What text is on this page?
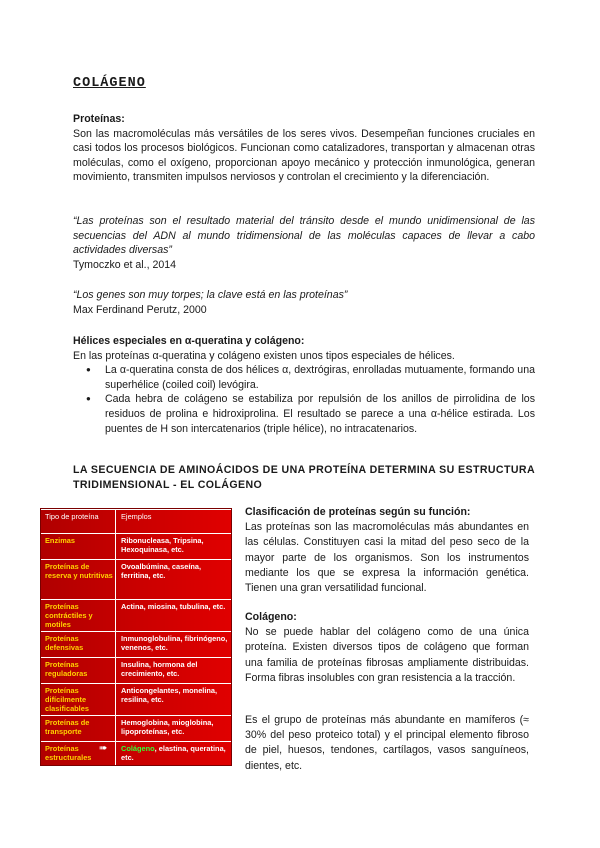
COLÁGENO

Proteínas:

Son las macromoléculas más versátiles de los seres vivos. Desempeñan funciones cruciales en casi todos los procesos biológicos. Funcionan como catalizadores, transportan y almacenan otras moléculas, como el oxígeno, proporcionan apoyo mecánico y protección inmunológica, generan movimiento, transmiten impulsos nerviosos y controlan el crecimiento y la diferenciación.

“Las proteínas son el resultado material del tránsito desde el mundo unidimensional de las secuencias del ADN al mundo tridimensional de las moléculas capaces de llevar a cabo actividades diversas”

Tymoczko et al., 2014

“Los genes son muy torpes; la clave está en las proteínas”

Max Ferdinand Perutz, 2000

Hélices especiales en α-queratina y colágeno:

En las proteínas α-queratina y colágeno existen unos tipos especiales de hélices.

● La α-queratina consta de dos hélices α, dextrógiras, enrolladas mutuamente, formando una superhélice (coiled coil) levógira.
● Cada hebra de colágeno se estabiliza por repulsión de los anillos de pirrolidina de los residuos de prolina e hidroxiprolina. El resultado se parece a una α-hélice estirada. Los puentes de H son intercatenarios (triple hélice), no intracatenarios.
LA SECUENCIA DE AMINOÁCIDOS DE UNA PROTEÍNA DETERMINA SU ESTRUCTURA TRIDIMENSIONAL - EL COLÁGENO
Tipo de proteína	Ejemplos
Enzimas	Ribonucleasa, Tripsina, Hexoquinasa, etc.
Proteínas de reserva y nutritivas
Ovoalbúmina, caseína, ferritina, etc.
Proteínas contráctiles y motiles
Actina, miosina, tubulina, etc.
Proteínas defensivas
Inmunoglobulina, fibrinógeno, venenos, etc.
Proteínas reguladoras
Insulina, hormona del crecimiento, etc.
Proteínas difícilmente clasificables
Anticongelantes, monelina, resilina, etc.
Proteínas de transporte
Hemoglobina, mioglobina, lipoproteínas, etc.
Proteínas estructurales
➠ Colágeno, elastina, queratina, etc.

Clasificación de proteínas según su función:

Las proteínas son las macromoléculas más abundantes en las células. Constituyen casi la mitad del peso seco de la mayor parte de los organismos. Son los instrumentos mediante los que se expresa la información genética. Tienen una gran versatilidad funcional.

Colágeno:

No se puede hablar del colágeno como de una única proteína. Existen diversos tipos de colágeno que forman una familia de proteínas fibrosas ampliamente distribuidas. Forma fibras insolubles con gran resistencia a la tracción.

Es el grupo de proteínas más abundante en mamíferos (≈ 30% del peso proteico total) y el principal elemento fibroso de piel, huesos, tendones, cartílagos, vasos sanguíneos, dientes, etc.
